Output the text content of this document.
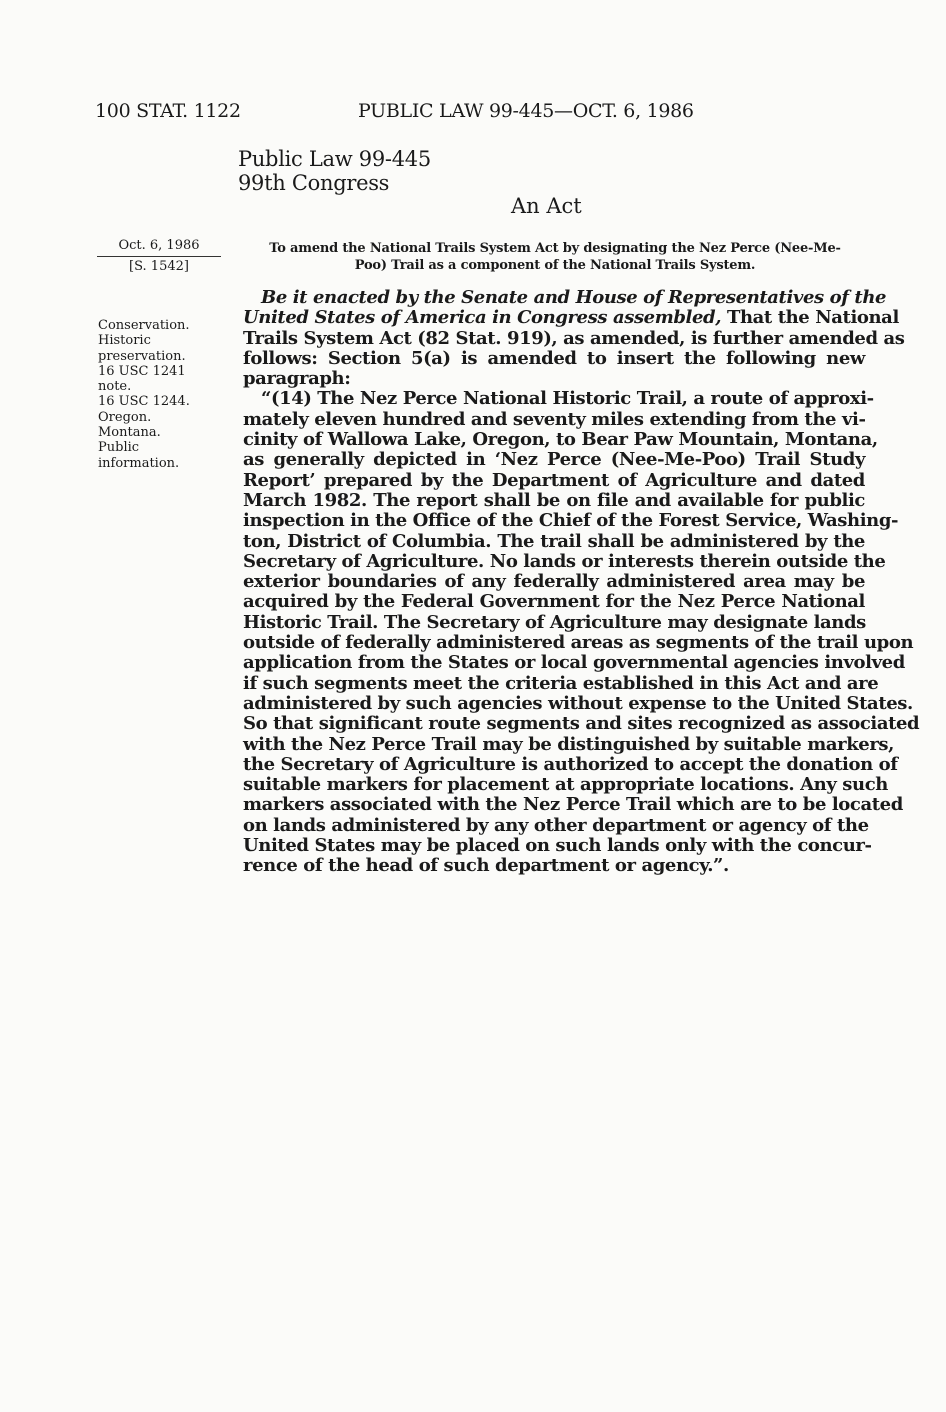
100 STAT. 1122	PUBLIC LAW 99-445—OCT. 6, 1986
Public Law 99-445
99th Congress
An Act
Oct. 6, 1986
[S. 1542]
To amend the National Trails System Act by designating the Nez Perce (Nee-Me-
Poo) Trail as a component of the National Trails System.
Conservation.
Historic
preservation.
16 USC 1241
note.
16 USC 1244.
Oregon.
Montana.
Public
information.
Be it enacted by the Senate and House of Representatives of the
United States of America in Congress assembled, That the National
Trails System Act (82 Stat. 919), as amended, is further amended as
follows: Section 5(a) is amended to insert the following new
paragraph:
“(14) The Nez Perce National Historic Trail, a route of approxi-
mately eleven hundred and seventy miles extending from the vi-
cinity of Wallowa Lake, Oregon, to Bear Paw Mountain, Montana,
as generally depicted in ‘Nez Perce (Nee-Me-Poo) Trail Study
Report’ prepared by the Department of Agriculture and dated
March 1982. The report shall be on file and available for public
inspection in the Office of the Chief of the Forest Service, Washing-
ton, District of Columbia. The trail shall be administered by the
Secretary of Agriculture. No lands or interests therein outside the
exterior boundaries of any federally administered area may be
acquired by the Federal Government for the Nez Perce National
Historic Trail. The Secretary of Agriculture may designate lands
outside of federally administered areas as segments of the trail upon
application from the States or local governmental agencies involved
if such segments meet the criteria established in this Act and are
administered by such agencies without expense to the United States.
So that significant route segments and sites recognized as associated
with the Nez Perce Trail may be distinguished by suitable markers,
the Secretary of Agriculture is authorized to accept the donation of
suitable markers for placement at appropriate locations. Any such
markers associated with the Nez Perce Trail which are to be located
on lands administered by any other department or agency of the
United States may be placed on such lands only with the concur-
rence of the head of such department or agency.”.
